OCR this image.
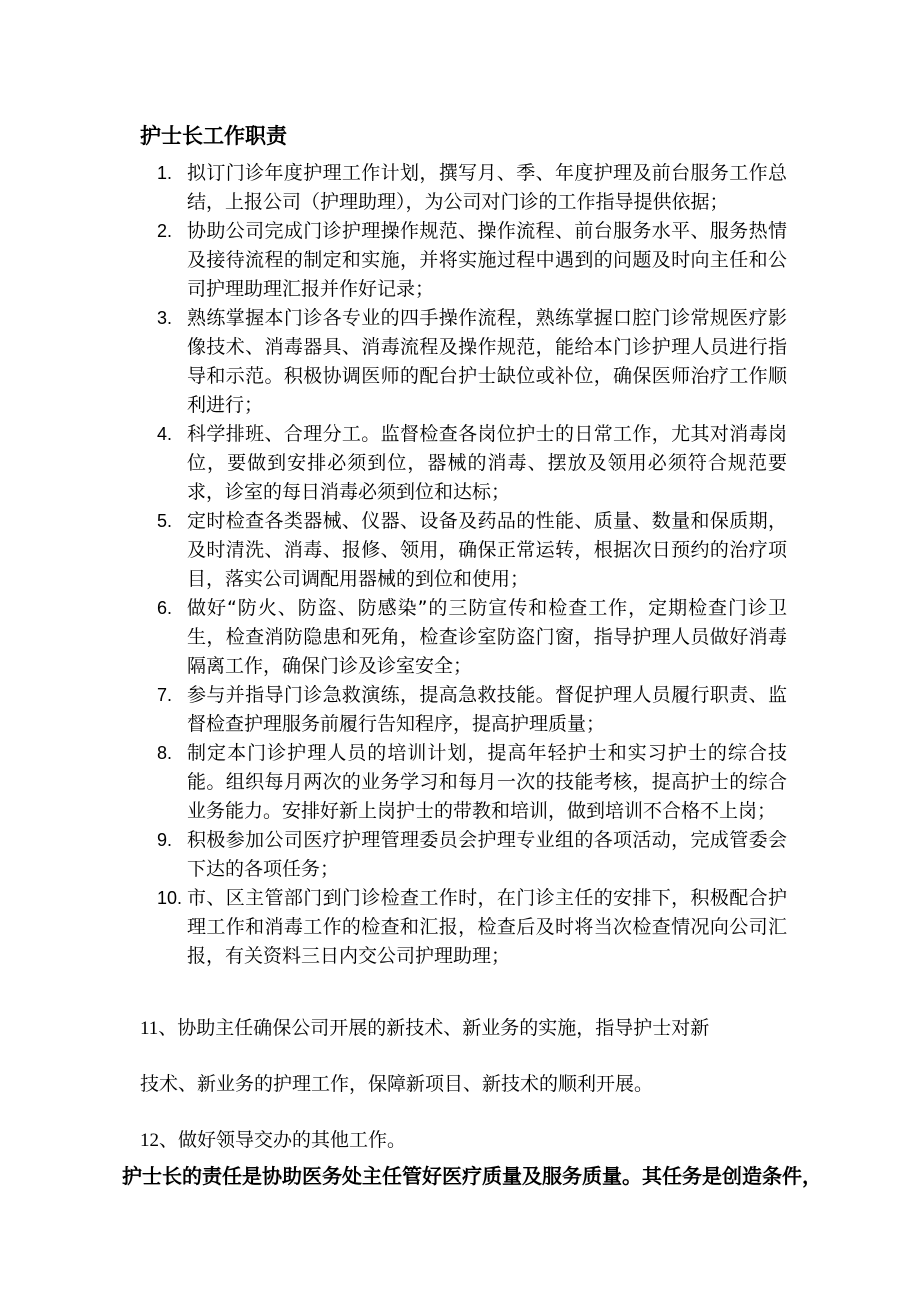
护士长工作职责
1. 拟订门诊年度护理工作计划，撰写月、季、年度护理及前台服务工作总结，上报公司（护理助理），为公司对门诊的工作指导提供依据；
2. 协助公司完成门诊护理操作规范、操作流程、前台服务水平、服务热情及接待流程的制定和实施，并将实施过程中遇到的问题及时向主任和公司护理助理汇报并作好记录；
3. 熟练掌握本门诊各专业的四手操作流程，熟练掌握口腔门诊常规医疗影像技术、消毒器具、消毒流程及操作规范，能给本门诊护理人员进行指导和示范。积极协调医师的配台护士缺位或补位，确保医师治疗工作顺利进行；
4. 科学排班、合理分工。监督检查各岗位护士的日常工作，尤其对消毒岗位，要做到安排必须到位，器械的消毒、摆放及领用必须符合规范要求，诊室的每日消毒必须到位和达标；
5. 定时检查各类器械、仪器、设备及药品的性能、质量、数量和保质期，及时清洗、消毒、报修、领用，确保正常运转，根据次日预约的治疗项目，落实公司调配用器械的到位和使用；
6. 做好“防火、防盗、防感染”的三防宣传和检查工作，定期检查门诊卫生，检查消防隐患和死角，检查诊室防盗门窗，指导护理人员做好消毒隔离工作，确保门诊及诊室安全；
7. 参与并指导门诊急救演练，提高急救技能。督促护理人员履行职责、监督检查护理服务前履行告知程序，提高护理质量；
8. 制定本门诊护理人员的培训计划，提高年轻护士和实习护士的综合技能。组织每月两次的业务学习和每月一次的技能考核，提高护士的综合业务能力。安排好新上岗护士的带教和培训，做到培训不合格不上岗；
9. 积极参加公司医疗护理管理委员会护理专业组的各项活动，完成管委会下达的各项任务；
10. 市、区主管部门到门诊检查工作时，在门诊主任的安排下，积极配合护理工作和消毒工作的检查和汇报，检查后及时将当次检查情况向公司汇报，有关资料三日内交公司护理助理；

11、协助主任确保公司开展的新技术、新业务的实施，指导护士对新

技术、新业务的护理工作，保障新项目、新技术的顺利开展。

12、做好领导交办的其他工作。

护士长的责任是协助医务处主任管好医疗质量及服务质量。其任务是创造条件，
